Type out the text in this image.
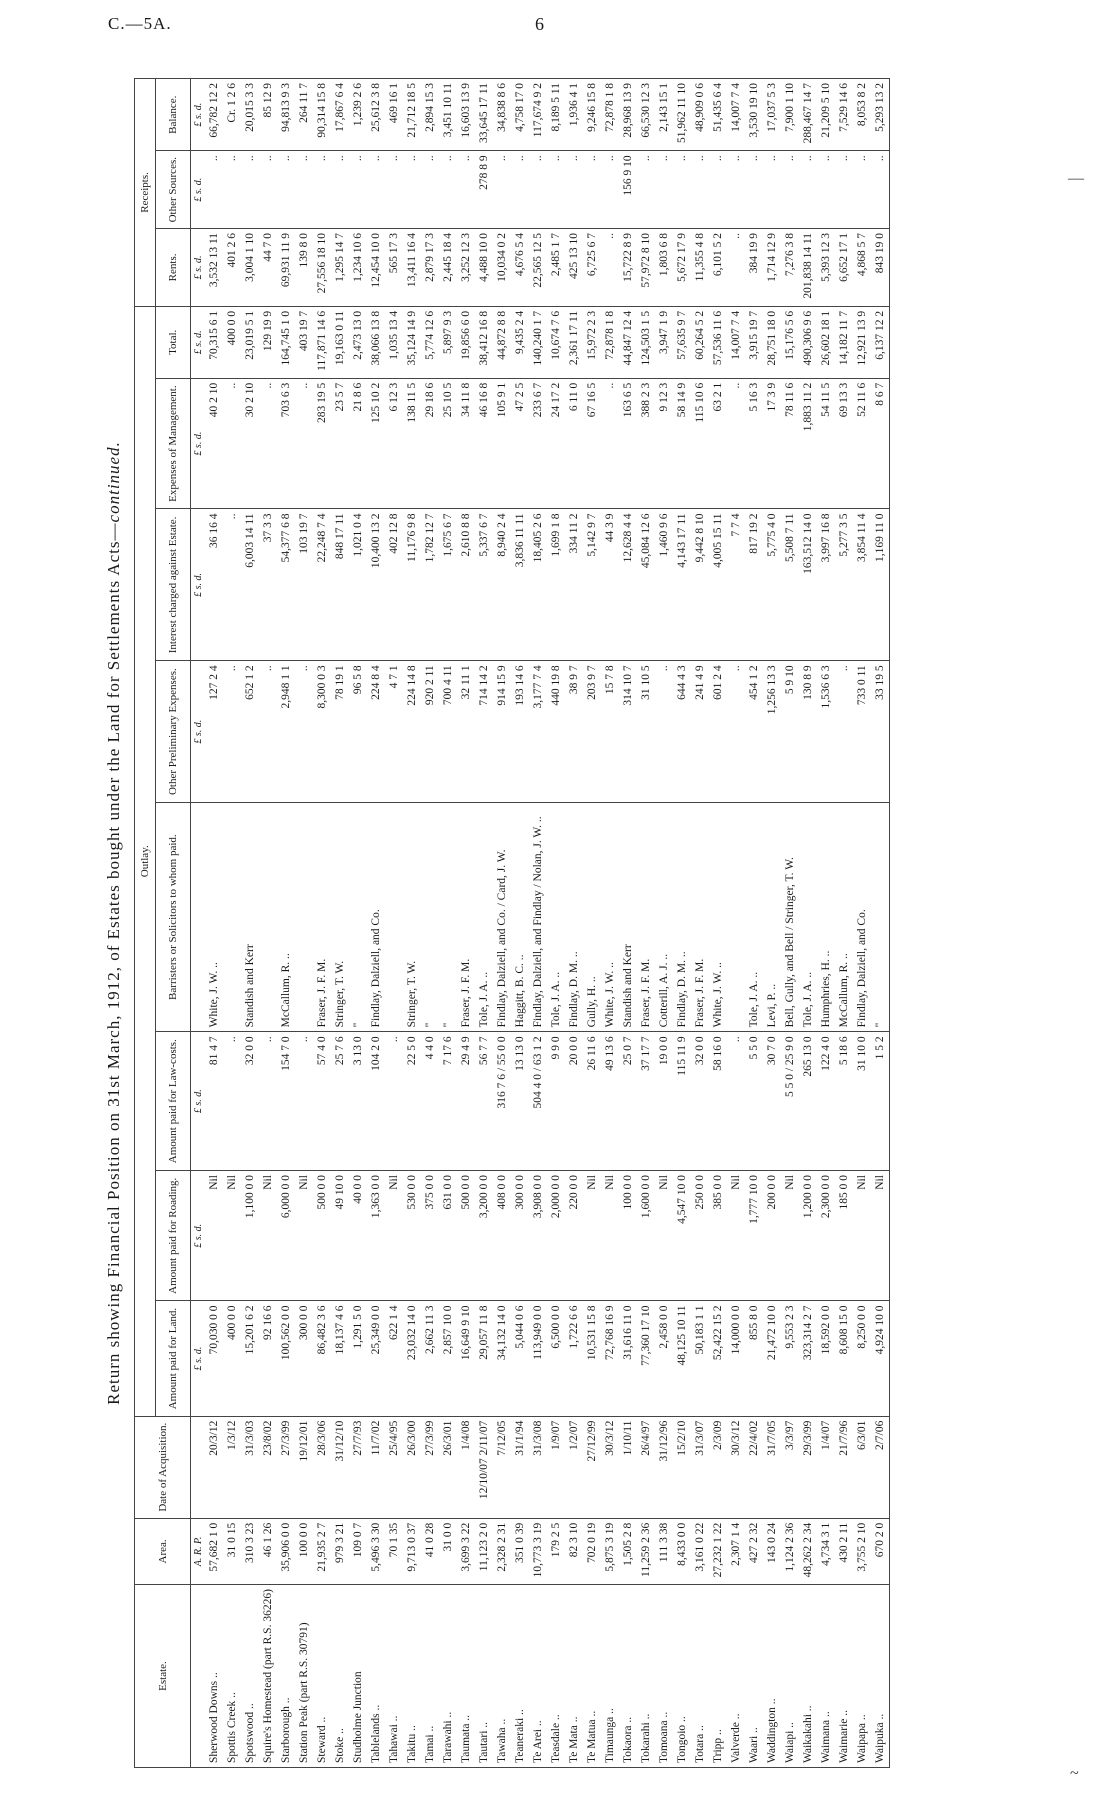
C.—5A.	6
Return showing Financial Position on 31st March, 1912, of Estates bought under the Land for Settlements Acts—continued.
Estate.	Area.	Date of Acquisition.	Outlay.								Receipts.		
			Amount paid for Land.	Amount paid for Roading.	Amount paid for Law-costs.	Barristers or Solicitors to whom paid.	Other Preliminary Expenses.	Interest charged against Estate.	Expenses of Management.	Total.	Rents.	Other Sources.	Balance.
	A. R. P.		£ s. d.	£ s. d.	£ s. d.		£ s. d.	£ s. d.	£ s. d.	£ s. d.	£ s. d.	£ s. d.	£ s. d.
Sherwood Downs ..	57,682 1 0	20/3/12	70,030 0 0	Nil	81 4 7	White, J. W. ..	127 2 4	36 16 4	40 2 10	70,315 6 1	3,532 13 11	..	66,782 12 2
Spottis Creek ..	31 0 15	1/3/12	400 0 0	Nil	..		..	..	..	400 0 0	401 2 6	..	Cr. 1 2 6
Spotswood ..	310 3 23	31/3/03	15,201 6 2	1,100 0 0	32 0 0	Standish and Kerr	652 1 2	6,003 14 11	30 2 10	23,019 5 1	3,004 1 10	..	20,015 3 3
Squire's Homestead (part R.S. 36226)	46 1 26	23/8/02	92 16 6	Nil	..		..	37 3 3	..	129 19 9	44 7 0	..	85 12 9
Starborough ..	35,906 0 0	27/3/99	100,562 0 0	6,000 0 0	154 7 0	McCallum, R. ..	2,948 1 1	54,377 6 8	703 6 3	164,745 1 0	69,931 11 9	..	94,813 9 3
Station Peak (part R.S. 30791)	100 0 0	19/12/01	300 0 0	Nil	..		..	103 19 7	..	403 19 7	139 8 0	..	264 11 7
Steward ..	21,935 2 7	28/3/06	86,482 3 6	500 0 0	57 4 0	Fraser, J. F. M.	8,300 0 3	22,248 7 4	283 19 5	117,871 14 6	27,556 18 10	..	90,314 15 8
Stoke ..	979 3 21	31/12/10	18,137 4 6	49 10 0	25 7 6	Stringer, T. W.	78 19 1	848 17 11	23 5 7	19,163 0 11	1,295 14 7	..	17,867 6 4
Studholme Junction	109 0 7	27/7/93	1,291 5 0	40 0 0	3 13 0	"	96 5 8	1,021 0 4	21 8 6	2,473 13 0	1,234 10 6	..	1,239 2 6
Tablelands ..	5,496 3 30	11/7/02	25,349 0 0	1,363 0 0	104 2 0	Findlay, Dalziell, and Co.	224 8 4	10,400 13 2	125 10 2	38,066 13 8	12,454 10 0	..	25,612 3 8
Tahawai ..	70 1 35	25/4/95	622 1 4	Nil	..		4 7 1	402 12 8	6 12 3	1,035 13 4	565 17 3	..	469 16 1
Takitu ..	9,713 0 37	26/3/00	23,032 14 0	530 0 0	22 5 0	Stringer, T. W.	224 14 8	11,176 9 8	138 11 5	35,124 14 9	13,411 16 4	..	21,712 18 5
Tamai ..	41 0 28	27/3/99	2,662 11 3	375 0 0	4 4 0	"	920 2 11	1,782 12 7	29 18 6	5,774 12 6	2,879 17 3	..	2,894 15 3
Tarawahi ..	31 0 0	26/3/01	2,857 10 0	631 0 0	7 17 6	"	700 4 11	1,675 6 7	25 10 5	5,897 9 3	2,445 18 4	..	3,451 10 11
Taumata ..	3,699 3 22	1/4/08	16,649 9 10	500 0 0	29 4 9	Fraser, J. F. M.	32 11 1	2,610 8 8	34 11 8	19,856 6 0	3,252 12 3	..	16,603 13 9
Tautari ..	11,123 2 0	12/10/07 2/11/07	29,057 11 8	3,200 0 0	56 7 7	Tole, J. A. ..	714 14 2	5,337 6 7	46 16 8	38,412 16 8	4,488 10 0	278 8 9	33,645 17 11
Tawaha ..	2,328 2 31	7/12/05	34,132 14 0	408 0 0	316 7 6 / 55 0 0	Findlay, Dalziell, and Co. / Card, J. W.	914 15 9	8,940 2 4	105 9 1	44,872 8 8	10,034 0 2	..	34,838 8 6
Teaneraki ..	351 0 39	31/1/94	5,044 0 6	300 0 0	13 13 0	Haggitt, B. C. ..	193 14 6	3,836 11 11	47 2 5	9,435 2 4	4,676 5 4	..	4,758 17 0
Te Arei ..	10,773 3 19	31/3/08	113,949 0 0	3,908 0 0	504 4 0 / 63 1 2	Findlay, Dalziell, and Findlay / Nolan, J. W. ..	3,177 7 4	18,405 2 6	233 6 7	140,240 1 7	22,565 12 5	..	117,674 9 2
Teasdale ..	179 2 5	1/9/07	6,500 0 0	2,000 0 0	9 9 0	Tole, J. A. ..	440 19 8	1,699 1 8	24 17 2	10,674 7 6	2,485 1 7	..	8,189 5 11
Te Mata ..	82 3 10	1/2/07	1,722 6 6	220 0 0	20 0 0	Findlay, D. M. ..	38 9 7	334 11 2	6 11 0	2,361 17 11	425 13 10	..	1,936 4 1
Te Matua ..	702 0 19	27/12/99	10,531 15 8	Nil	26 11 6	Gully, H. ..	203 9 7	5,142 9 7	67 16 5	15,972 2 3	6,725 6 7	..	9,246 15 8
Timaunga ..	5,875 3 19	30/3/12	72,768 16 9	Nil	49 13 6	White, J. W. ..	15 7 8	44 3 9	..	72,878 1 8	..	..	72,878 1 8
Tokaora ..	1,505 2 8	1/10/11	31,616 11 0	100 0 0	25 0 7	Standish and Kerr	314 10 7	12,628 4 4	163 6 5	44,847 12 4	15,722 8 9	156 9 10	28,968 13 9
Tokarahi ..	11,259 2 36	26/4/97	77,360 17 10	1,600 0 0	37 17 7	Fraser, J. F. M.	31 10 5	45,084 12 6	388 2 3	124,503 1 5	57,972 8 10	..	66,530 12 3
Tomoana ..	111 3 38	31/12/96	2,458 0 0	Nil	19 0 0	Cotterill, A. J. ..	..	1,460 9 6	9 12 3	3,947 1 9	1,803 6 8	..	2,143 15 1
Tongoio ..	8,433 0 0	15/2/10	48,125 10 11	4,547 10 0	115 11 9	Findlay, D. M. ..	644 4 3	4,143 17 11	58 14 9	57,635 9 7	5,672 17 9	..	51,962 11 10
Totara ..	3,161 0 22	31/3/07	50,183 1 1	250 0 0	32 0 0	Fraser, J. F. M.	241 4 9	9,442 8 10	115 10 6	60,264 5 2	11,355 4 8	..	48,909 0 6
Tripp ..	27,232 1 22	2/3/09	52,422 15 2	385 0 0	58 16 0	White, J. W. ..	601 2 4	4,005 15 11	63 2 1	57,536 11 6	6,101 5 2	..	51,435 6 4
Valverde ..	2,307 1 4	30/3/12	14,000 0 0	Nil	..		..	7 7 4	..	14,007 7 4	..	..	14,007 7 4
Waari ..	427 2 32	22/4/02	855 8 0	1,777 10 0	5 5 0	Tole, J. A. ..	454 1 2	817 19 2	5 16 3	3,915 19 7	384 19 9	..	3,530 19 10
Waddington ..	143 0 24	31/7/05	21,472 10 0	200 0 0	30 7 0	Levi, P. ..	1,256 13 3	5,775 4 0	17 3 9	28,751 18 0	1,714 12 9	..	17,037 5 3
Waiapi ..	1,124 2 36	3/3/97	9,553 2 3	Nil	5 5 0 / 25 9 0	Bell, Gully, and Bell / Stringer, T. W.	5 9 10	5,508 7 11	78 11 6	15,176 5 6	7,276 3 8	..	7,900 1 10
Waikakahi ..	48,262 2 34	29/3/99	323,314 2 7	1,200 0 0	265 13 0	Tole, J. A. ..	130 8 9	163,512 14 0	1,883 11 2	490,306 9 6	201,838 14 11	..	288,467 14 7
Waimana ..	4,734 3 1	1/4/07	18,592 0 0	2,300 0 0	122 4 0	Humphries, H. ..	1,536 6 3	3,997 16 8	54 11 5	26,602 18 1	5,393 12 3	..	21,209 5 10
Waimarie ..	430 2 11	21/7/96	8,608 15 0	185 0 0	5 18 6	McCallum, R. ..	..	5,277 3 5	69 13 3	14,182 11 7	6,652 17 1	..	7,529 14 6
Waipapa ..	3,755 2 10	6/3/01	8,250 0 0	Nil	31 10 0	Findlay, Dalziell, and Co.	733 0 11	3,854 11 4	52 11 6	12,921 13 9	4,868 5 7	..	8,053 8 2
Waipuka ..	670 2 0	2/7/06	4,924 10 0	Nil	1 5 2	"	33 19 5	1,169 11 0	8 6 7	6,137 12 2	843 19 0	..	5,293 13 2
—
~
